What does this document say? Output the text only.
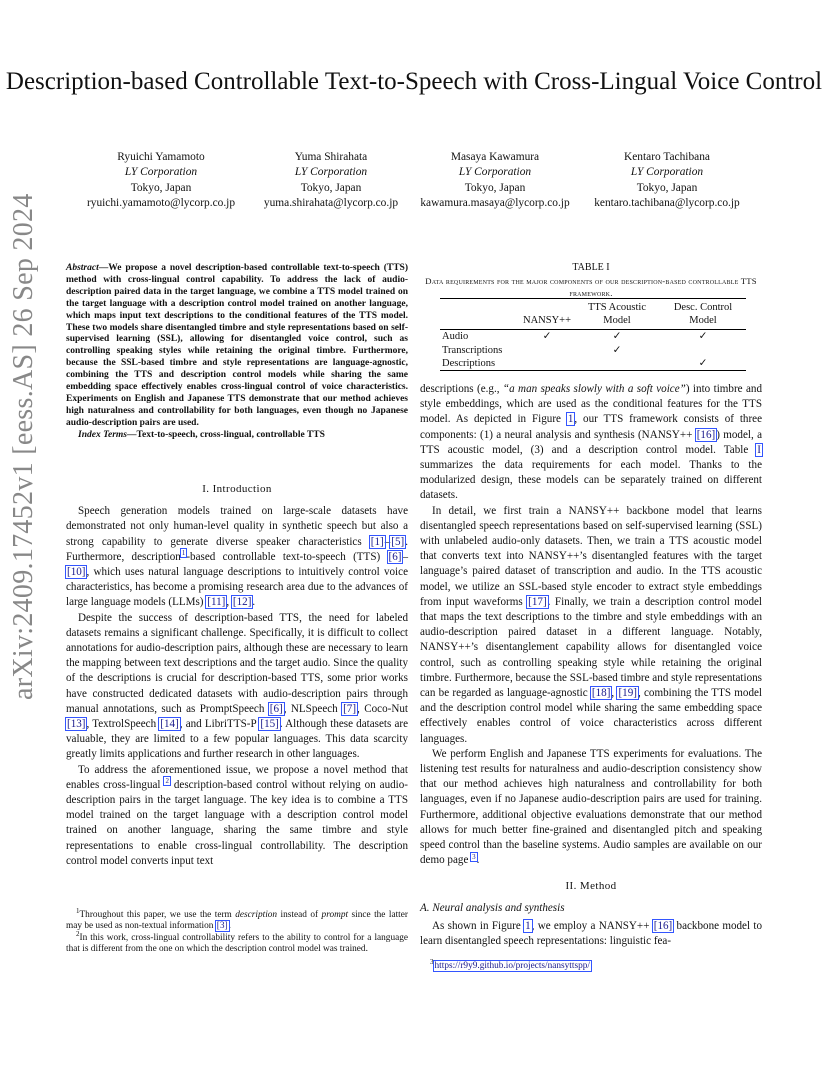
Description-based Controllable Text-to-Speech with Cross-Lingual Voice Control
arXiv:2409.17452v1 [eess.AS] 26 Sep 2024
Ryuichi Yamamoto
LY Corporation
Tokyo, Japan
ryuichi.yamamoto@lycorp.co.jp
Yuma Shirahata
LY Corporation
Tokyo, Japan
yuma.shirahata@lycorp.co.jp
Masaya Kawamura
LY Corporation
Tokyo, Japan
kawamura.masaya@lycorp.co.jp
Kentaro Tachibana
LY Corporation
Tokyo, Japan
kentaro.tachibana@lycorp.co.jp
Abstract—We propose a novel description-based controllable text-to-speech (TTS) method with cross-lingual control capability. To address the lack of audio-description paired data in the target language, we combine a TTS model trained on the target language with a description control model trained on another language, which maps input text descriptions to the conditional features of the TTS model. These two models share disentangled timbre and style representations based on self-supervised learning (SSL), allowing for disentangled voice control, such as controlling speaking styles while retaining the original timbre. Furthermore, because the SSL-based timbre and style representations are language-agnostic, combining the TTS and description control models while sharing the same embedding space effectively enables cross-lingual control of voice characteristics. Experiments on English and Japanese TTS demonstrate that our method achieves high naturalness and controllability for both languages, even though no Japanese audio-description pairs are used.
Index Terms—Text-to-speech, cross-lingual, controllable TTS
I. Introduction

Speech generation models trained on large-scale datasets have demonstrated not only human-level quality in synthetic speech but also a strong capability to generate diverse speaker characteristics [1]–[5]. Furthermore, description$^1$-based controllable text-to-speech (TTS) [6]–[10], which uses natural language descriptions to intuitively control voice characteristics, has become a promising research area due to the advances of large language models (LLMs) [11], [12].

Despite the success of description-based TTS, the need for labeled datasets remains a significant challenge. Specifically, it is difficult to collect annotations for audio-description pairs, although these are necessary to learn the mapping between text descriptions and the target audio. Since the quality of the descriptions is crucial for description-based TTS, some prior works have constructed dedicated datasets with audio-description pairs through manual annotations, such as PromptSpeech [6], NLSpeech [7], Coco-Nut [13], TextrolSpeech [14], and LibriTTS-P [15]. Although these datasets are valuable, they are limited to a few popular languages. This data scarcity greatly limits applications and further research in other languages.

To address the aforementioned issue, we propose a novel method that enables cross-lingual $^2$ description-based control without relying on audio-description pairs in the target language. The key idea is to combine a TTS model trained on the target language with a description control model trained on another language, sharing the same timbre and style representations to enable cross-lingual controllability. The description control model converts input text

$^1$Throughout this paper, we use the term description instead of prompt since the latter may be used as non-textual information [3].
$^2$In this work, cross-lingual controllability refers to the ability to control for a language that is different from the one on which the description control model was trained.
TABLE I
Data requirements for the major components of our description-based controllable TTS framework.
	NANSY++	TTS Acoustic Model	Desc. Control Model
Audio	✓	✓	✓
Transcriptions		✓	
Descriptions			✓

descriptions (e.g., “a man speaks slowly with a soft voice”) into timbre and style embeddings, which are used as the conditional features for the TTS model. As depicted in Figure 1, our TTS framework consists of three components: (1) a neural analysis and synthesis (NANSY++ [16]) model, a TTS acoustic model, (3) and a description control model. Table I summarizes the data requirements for each model. Thanks to the modularized design, these models can be separately trained on different datasets.

In detail, we first train a NANSY++ backbone model that learns disentangled speech representations based on self-supervised learning (SSL) with unlabeled audio-only datasets. Then, we train a TTS acoustic model that converts text into NANSY++’s disentangled features with the target language’s paired dataset of transcription and audio. In the TTS acoustic model, we utilize an SSL-based style encoder to extract style embeddings from input waveforms [17]. Finally, we train a description control model that maps the text descriptions to the timbre and style embeddings with an audio-description paired dataset in a different language. Notably, NANSY++’s disentanglement capability allows for disentangled voice control, such as controlling speaking style while retaining the original timbre. Furthermore, because the SSL-based timbre and style representations can be regarded as language-agnostic [18], [19], combining the TTS model and the description control model while sharing the same embedding space effectively enables control of voice characteristics across different languages.

We perform English and Japanese TTS experiments for evaluations. The listening test results for naturalness and audio-description consistency show that our method achieves high naturalness and controllability for both languages, even if no Japanese audio-description pairs are used for training. Furthermore, additional objective evaluations demonstrate that our method allows for much better fine-grained and disentangled pitch and speaking speed control than the baseline systems. Audio samples are available on our demo page $^3$.

II. Method
A. Neural analysis and synthesis

As shown in Figure 1, we employ a NANSY++ [16] backbone model to learn disentangled speech representations: linguistic fea-

$^3$https://r9y9.github.io/projects/nansyttspp/
